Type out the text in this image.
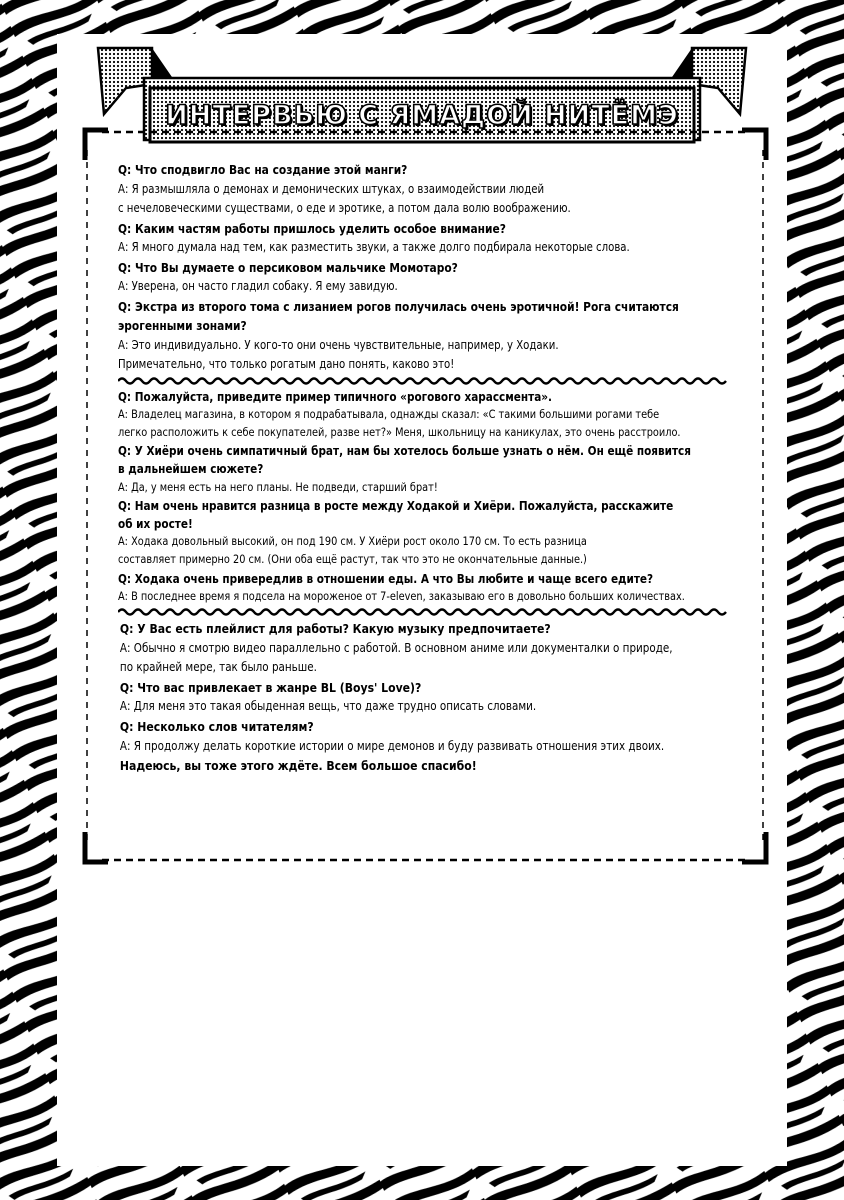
ИНТЕРВЬЮ С ЯМАДОЙ НИТЁМЭ
Q: Что сподвигло Вас на создание этой манги?
А: Я размышляла о демонах и демонических штуках, о взаимодействии людей
с нечеловеческими существами, о еде и эротике, а потом дала волю воображению.
Q: Каким частям работы пришлось уделить особое внимание?
А: Я много думала над тем, как разместить звуки, а также долго подбирала некоторые слова.
Q: Что Вы думаете о персиковом мальчике Момотаро?
А: Уверена, он часто гладил собаку. Я ему завидую.
Q: Экстра из второго тома с лизанием рогов получилась очень эротичной! Рога считаются
эрогенными зонами?
А: Это индивидуально. У кого-то они очень чувствительные, например, у Ходаки.
Примечательно, что только рогатым дано понять, каково это!
Q: Пожалуйста, приведите пример типичного «рогового харассмента».
А: Владелец магазина, в котором я подрабатывала, однажды сказал: «С такими большими рогами тебе
легко расположить к себе покупателей, разве нет?» Меня, школьницу на каникулах, это очень расстроило.
Q: У Хиёри очень симпатичный брат, нам бы хотелось больше узнать о нём. Он ещё появится
в дальнейшем сюжете?
А: Да, у меня есть на него планы. Не подведи, старший брат!
Q: Нам очень нравится разница в росте между Ходакой и Хиёри. Пожалуйста, расскажите
об их росте!
А: Ходака довольный высокий, он под 190 см. У Хиёри рост около 170 см. То есть разница
составляет примерно 20 см. (Они оба ещё растут, так что это не окончательные данные.)
Q: Ходака очень привередлив в отношении еды. А что Вы любите и чаще всего едите?
А: В последнее время я подсела на мороженое от 7-eleven, заказываю его в довольно больших количествах.
Q: У Вас есть плейлист для работы? Какую музыку предпочитаете?
А: Обычно я смотрю видео параллельно с работой. В основном аниме или документалки о природе,
по крайней мере, так было раньше.
Q: Что вас привлекает в жанре BL (Boys' Love)?
А: Для меня это такая обыденная вещь, что даже трудно описать словами.
Q: Несколько слов читателям?
А: Я продолжу делать короткие истории о мире демонов и буду развивать отношения этих двоих.
Надеюсь, вы тоже этого ждёте. Всем большое спасибо!
